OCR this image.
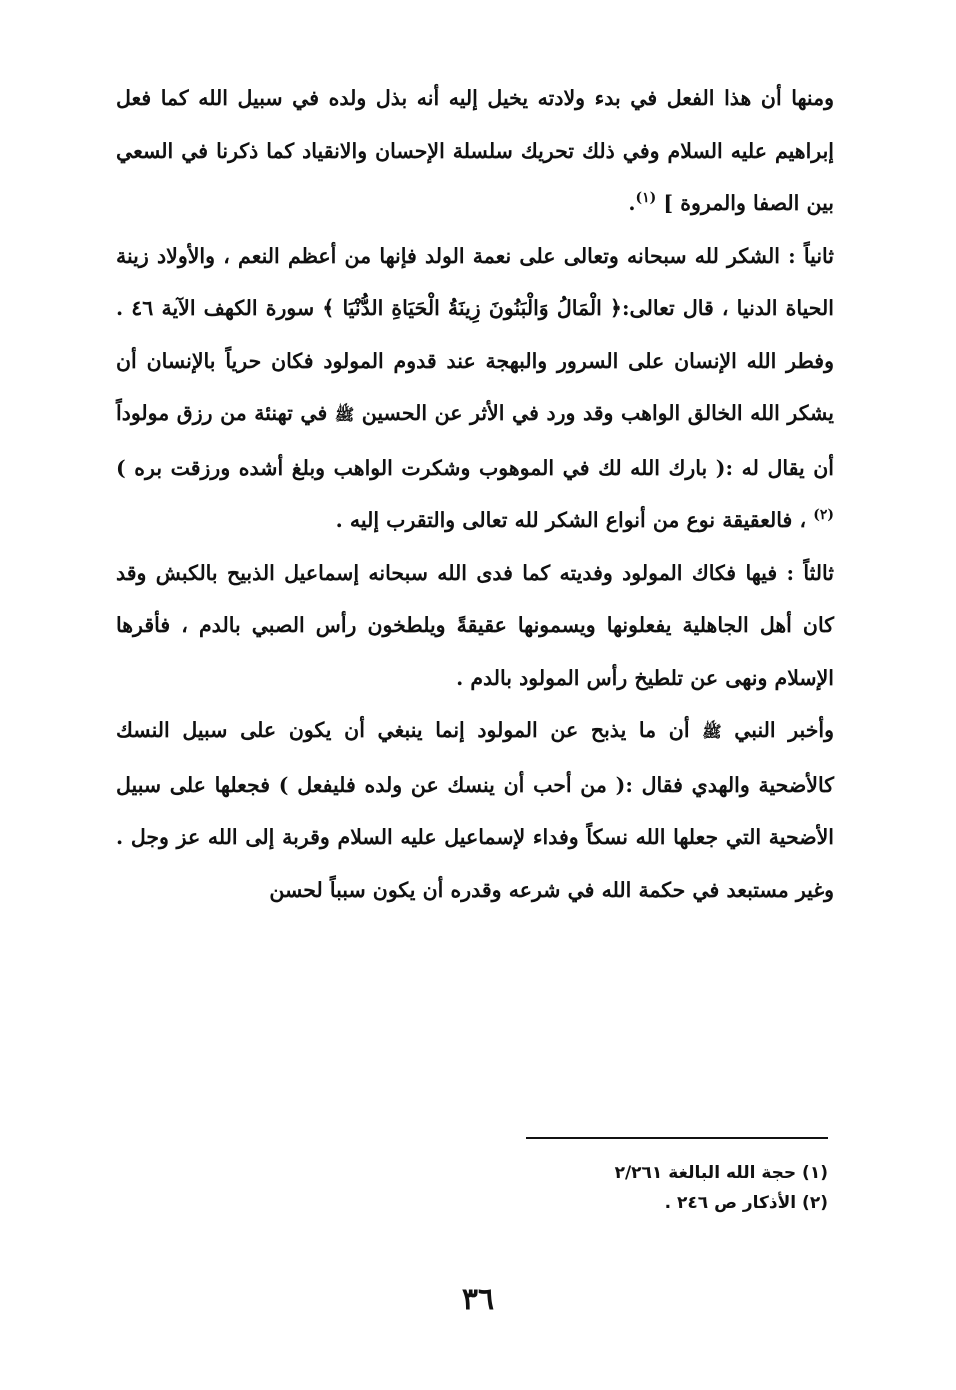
ومنها أن هذا الفعل في بدء ولادته يخيل إليه أنه بذل ولده في سبيل الله كما فعل إبراهيم عليه السلام وفي ذلك تحريك سلسلة الإحسان والانقياد كما ذكرنا في السعي بين الصفا والمروة ] $^{(١)}$.

ثانياً : الشكر لله سبحانه وتعالى على نعمة الولد فإنها من أعظم النعم ، والأولاد زينة الحياة الدنيا ، قال تعالى:﴿ الْمَالُ وَالْبَنُونَ زِينَةُ الْحَيَاةِ الدُّنْيَا ﴾ سورة الكهف الآية ٤٦ . وفطر الله الإنسان على السرور والبهجة عند قدوم المولود فكان حرياً بالإنسان أن يشكر الله الخالق الواهب وقد ورد في الأثر عن الحسين ﷺ في تهنئة من رزق مولوداً أن يقال له :( بارك الله لك في الموهوب وشكرت الواهب وبلغ أشده ورزقت بره ) $^{(٢)}$ ، فالعقيقة نوع من أنواع الشكر لله تعالى والتقرب إليه .

ثالثاً : فيها فكاك المولود وفديته كما فدى الله سبحانه إسماعيل الذبيح بالكبش وقد كان أهل الجاهلية يفعلونها ويسمونها عقيقةً ويلطخون رأس الصبي بالدم ، فأقرها الإسلام ونهى عن تلطيخ رأس المولود بالدم .

وأخبر النبي ﷺ أن ما يذبح عن المولود إنما ينبغي أن يكون على سبيل النسك كالأضحية والهدي فقال :( من أحب أن ينسك عن ولده فليفعل ) فجعلها على سبيل الأضحية التي جعلها الله نسكاً وفداء لإسماعيل عليه السلام وقربة إلى الله عز وجل . وغير مستبعد في حكمة الله في شرعه وقدره أن يكون سبباً لحسن

(١) حجة الله البالغة ٢/٢٦١

(٢) الأذكار ص ٢٤٦ .

٣٦
